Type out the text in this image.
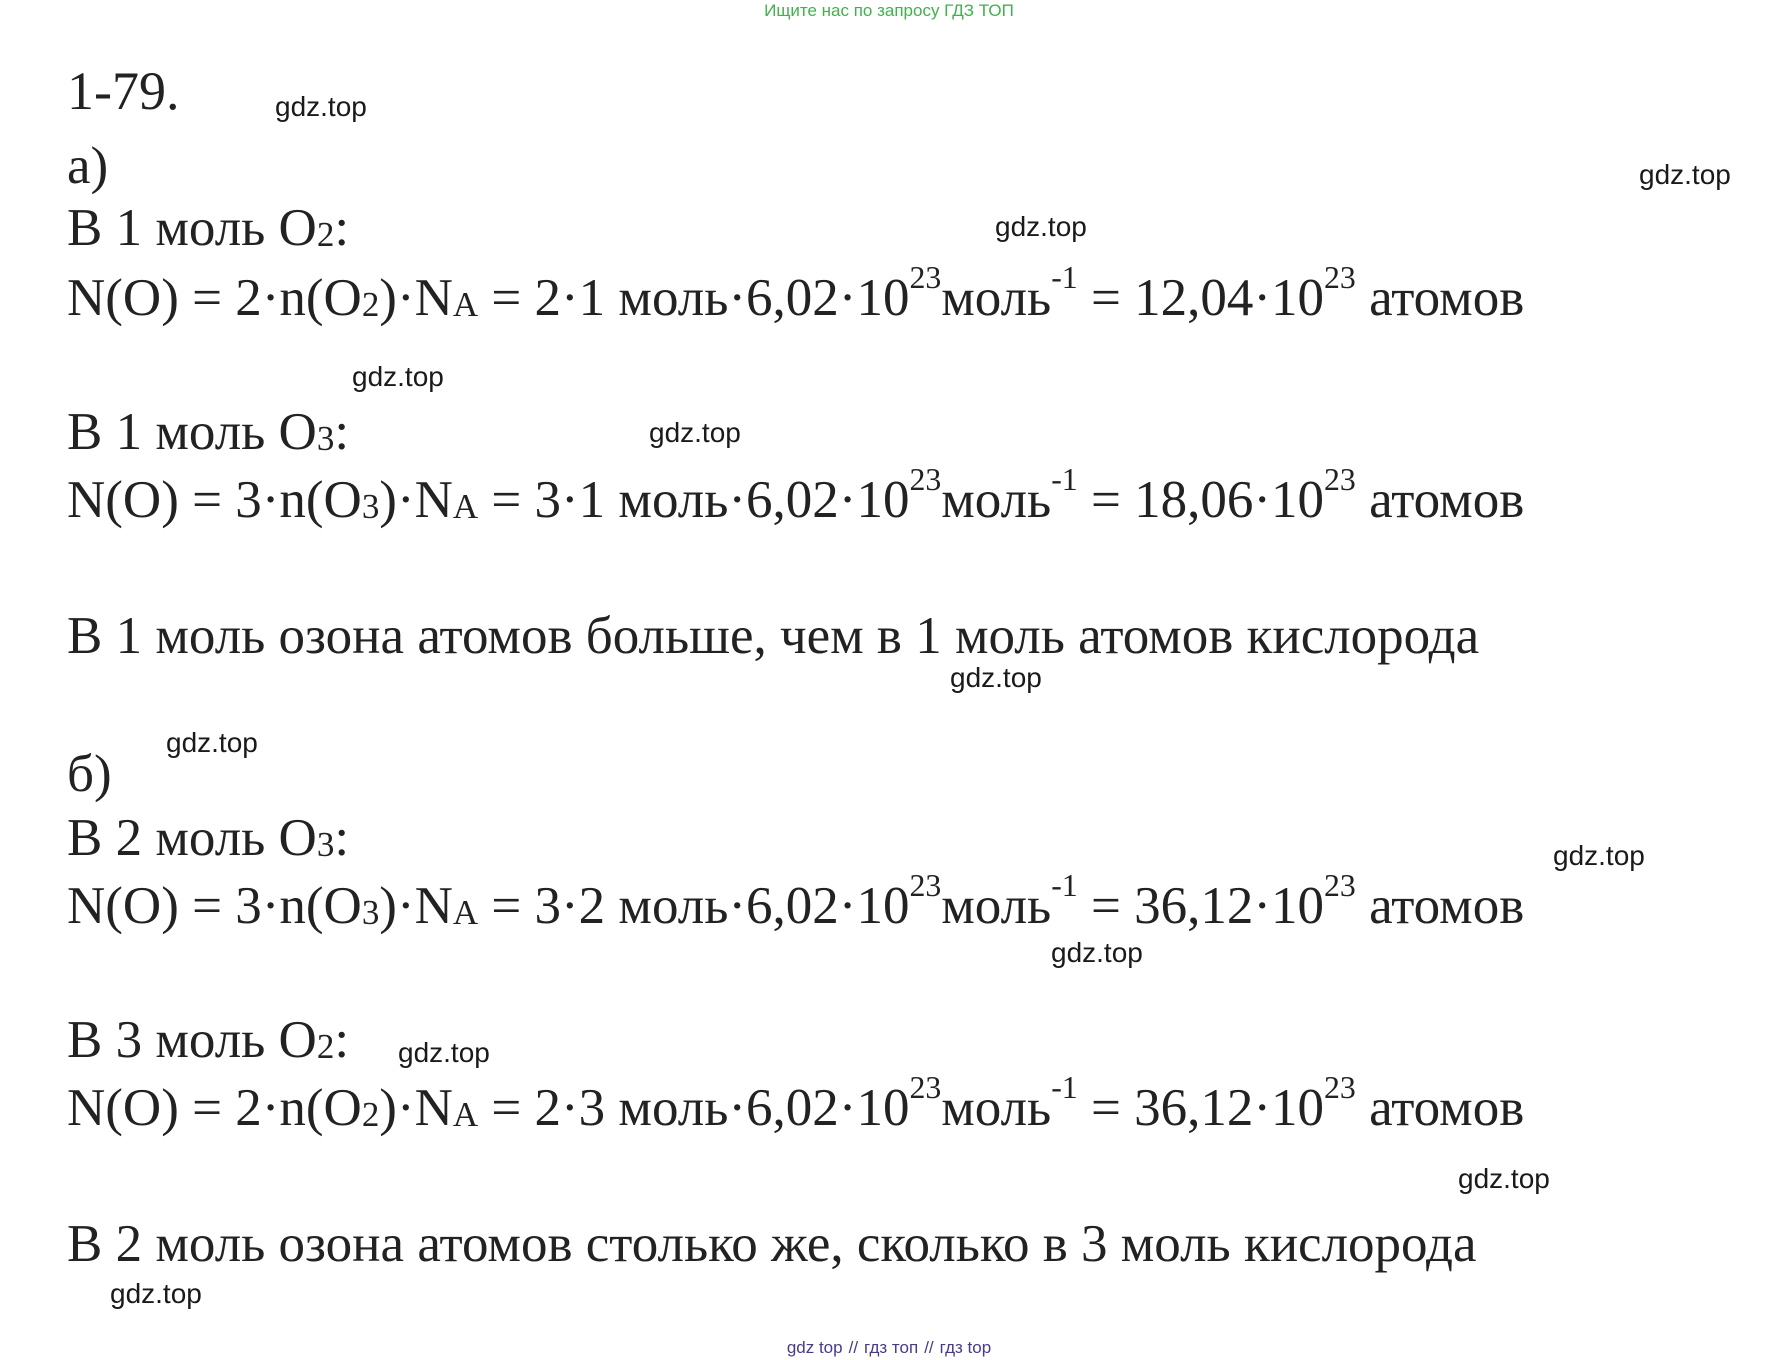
Ищите нас по запросу ГДЗ ТОП
1-79.
а)
В 1 моль O2:
N(O) = 2·n(O2)·NA = 2·1 $моль\cdot 6,02\cdot 10^{23}моль^{-1} = 12,04\cdot 10^{23}$ атомов
В 1 моль O3:
N(O) = 3·n(O3)·NA = 3·1 $моль\cdot 6,02\cdot 10^{23}моль^{-1} = 18,06\cdot 10^{23}$ атомов
В 1 моль озона атомов больше, чем в 1 моль атомов кислорода
б)
В 2 моль O3:
N(O) = 3·n(O3)·NA = 3·2 $моль\cdot 6,02\cdot 10^{23}моль^{-1} = 36,12\cdot 10^{23}$ атомов
В 3 моль O2:
N(O) = 2·n(O2)·NA = 2·3 $моль\cdot 6,02\cdot 10^{23}моль^{-1} = 36,12\cdot 10^{23}$ атомов
В 2 моль озона атомов столько же, сколько в 3 моль кислорода
gdz.top
gdz.top
gdz.top
gdz.top
gdz.top
gdz.top
gdz.top
gdz.top
gdz.top
gdz.top
gdz.top
gdz.top
gdz top // гдз топ // гдз top
